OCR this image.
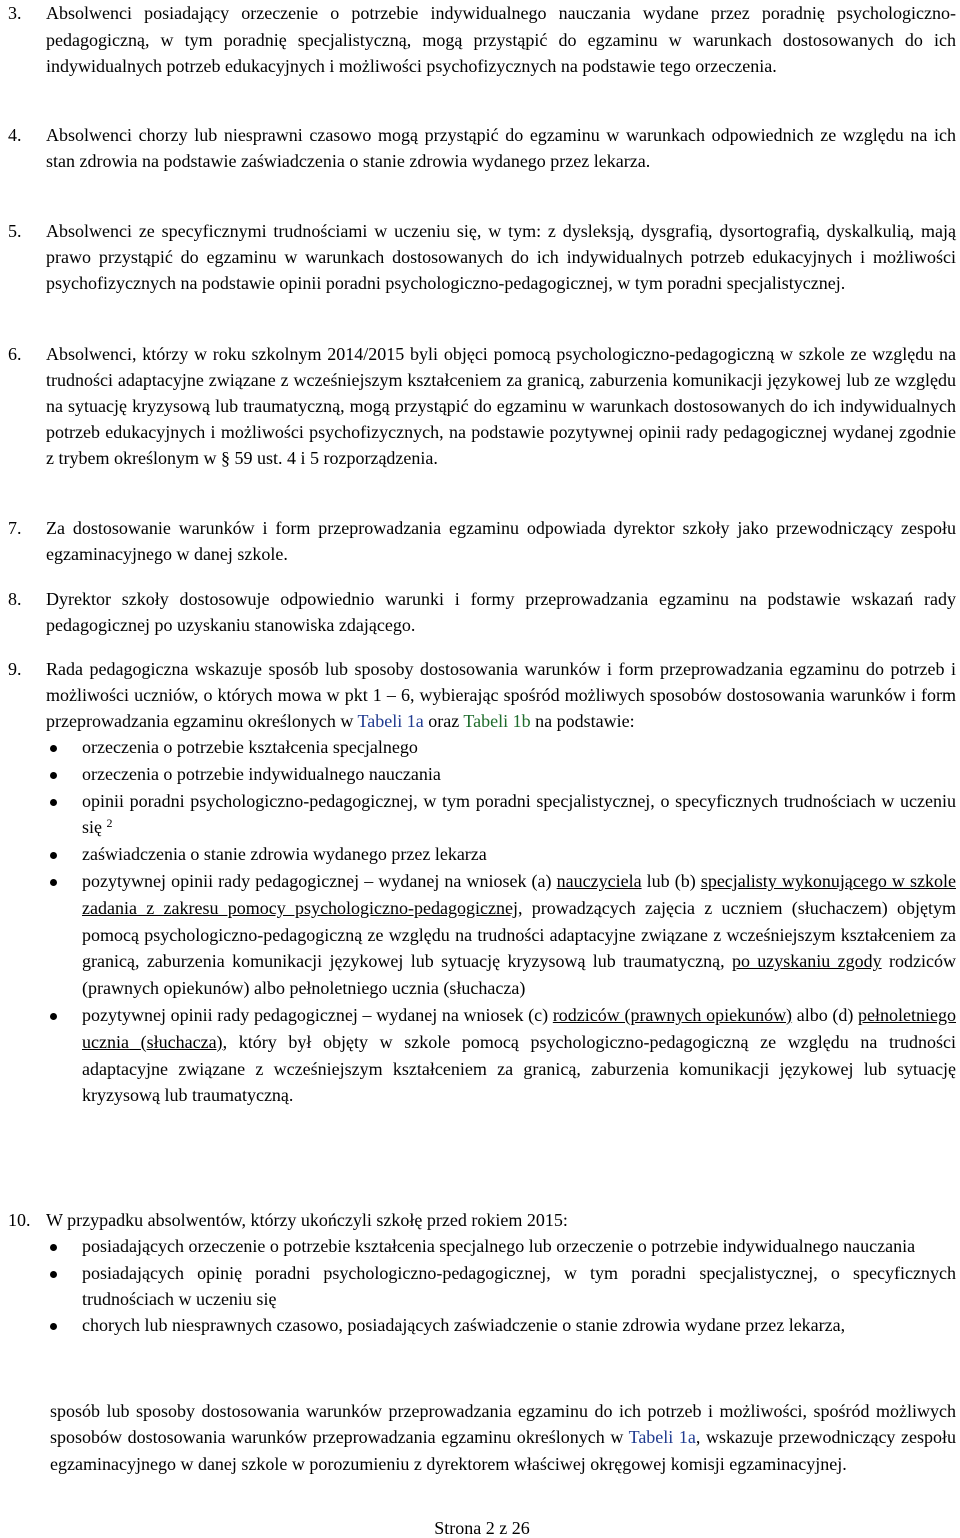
3. Absolwenci posiadający orzeczenie o potrzebie indywidualnego nauczania wydane przez poradnię psychologiczno-pedagogiczną, w tym poradnię specjalistyczną, mogą przystąpić do egzaminu w warunkach dostosowanych do ich indywidualnych potrzeb edukacyjnych i możliwości psychofizycznych na podstawie tego orzeczenia.
4. Absolwenci chorzy lub niesprawni czasowo mogą przystąpić do egzaminu w warunkach odpowiednich ze względu na ich stan zdrowia na podstawie zaświadczenia o stanie zdrowia wydanego przez lekarza.
5. Absolwenci ze specyficznymi trudnościami w uczeniu się, w tym: z dysleksją, dysgrafią, dysortografią, dyskalkulią, mają prawo przystąpić do egzaminu w warunkach dostosowanych do ich indywidualnych potrzeb edukacyjnych i możliwości psychofizycznych na podstawie opinii poradni psychologiczno-pedagogicznej, w tym poradni specjalistycznej.
6. Absolwenci, którzy w roku szkolnym 2014/2015 byli objęci pomocą psychologiczno-pedagogiczną w szkole ze względu na trudności adaptacyjne związane z wcześniejszym kształceniem za granicą, zaburzenia komunikacji językowej lub ze względu na sytuację kryzysową lub traumatyczną, mogą przystąpić do egzaminu w warunkach dostosowanych do ich indywidualnych potrzeb edukacyjnych i możliwości psychofizycznych, na podstawie pozytywnej opinii rady pedagogicznej wydanej zgodnie z trybem określonym w § 59 ust. 4 i 5 rozporządzenia.
7. Za dostosowanie warunków i form przeprowadzania egzaminu odpowiada dyrektor szkoły jako przewodniczący zespołu egzaminacyjnego w danej szkole.
8. Dyrektor szkoły dostosowuje odpowiednio warunki i formy przeprowadzania egzaminu na podstawie wskazań rady pedagogicznej po uzyskaniu stanowiska zdającego.
9. Rada pedagogiczna wskazuje sposób lub sposoby dostosowania warunków i form przeprowadzania egzaminu do potrzeb i możliwości uczniów, o których mowa w pkt 1 – 6, wybierając spośród możliwych sposobów dostosowania warunków i form przeprowadzania egzaminu określonych w Tabeli 1a oraz Tabeli 1b na podstawie:
orzeczenia o potrzebie kształcenia specjalnego
orzeczenia o potrzebie indywidualnego nauczania
opinii poradni psychologiczno-pedagogicznej, w tym poradni specjalistycznej, o specyficznych trudnościach w uczeniu się $^2$
zaświadczenia o stanie zdrowia wydanego przez lekarza
pozytywnej opinii rady pedagogicznej – wydanej na wniosek (a) nauczyciela lub (b) specjalisty wykonującego w szkole zadania z zakresu pomocy psychologiczno-pedagogicznej, prowadzących zajęcia z uczniem (słuchaczem) objętym pomocą psychologiczno-pedagogiczną ze względu na trudności adaptacyjne związane z wcześniejszym kształceniem za granicą, zaburzenia komunikacji językowej lub sytuację kryzysową lub traumatyczną, po uzyskaniu zgody rodziców (prawnych opiekunów) albo pełnoletniego ucznia (słuchacza)
pozytywnej opinii rady pedagogicznej – wydanej na wniosek (c) rodziców (prawnych opiekunów) albo (d) pełnoletniego ucznia (słuchacza), który był objęty w szkole pomocą psychologiczno-pedagogiczną ze względu na trudności adaptacyjne związane z wcześniejszym kształceniem za granicą, zaburzenia komunikacji językowej lub sytuację kryzysową lub traumatyczną.
10. W przypadku absolwentów, którzy ukończyli szkołę przed rokiem 2015:
posiadających orzeczenie o potrzebie kształcenia specjalnego lub orzeczenie o potrzebie indywidualnego nauczania
posiadających opinię poradni psychologiczno-pedagogicznej, w tym poradni specjalistycznej, o specyficznych trudnościach w uczeniu się
chorych lub niesprawnych czasowo, posiadających zaświadczenie o stanie zdrowia wydane przez lekarza,
sposób lub sposoby dostosowania warunków przeprowadzania egzaminu do ich potrzeb i możliwości, spośród możliwych sposobów dostosowania warunków przeprowadzania egzaminu określonych w Tabeli 1a, wskazuje przewodniczący zespołu egzaminacyjnego w danej szkole w porozumieniu z dyrektorem właściwej okręgowej komisji egzaminacyjnej.
Strona 2 z 26
